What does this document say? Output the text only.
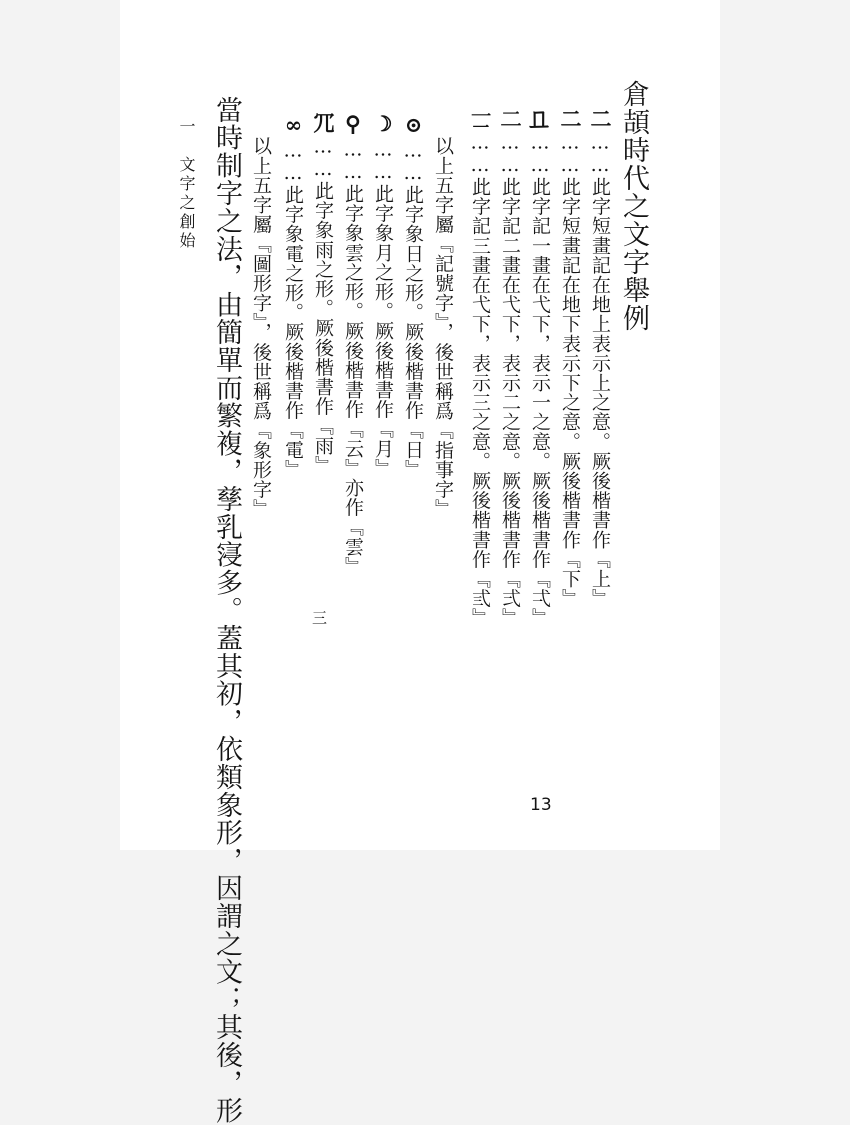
倉頡時代之文字舉例
二……此字短畫記在地上表示上之意。厥後楷書作『上』
⼆……此字短畫記在地下表示下之意。厥後楷書作『下』
𠀃……此字記一畫在弋下，表示一之意。厥後楷書作『弌』
𠄞……此字記二畫在弋下，表示二之意。厥後楷書作『弍』
𠄟……此字記三畫在弋下，表示三之意。厥後楷書作『弎』
以上五字屬『記號字』，後世稱爲『指事字』
⊙……此字象日之形。厥後楷書作『日』
☽……此字象月之形。厥後楷書作『月』
⚲……此字象雲之形。厥後楷書作『云』亦作『雲』
⺴……此字象雨之形。厥後楷書作『雨』
∞……此字象電之形。厥後楷書作『電』
以上五字屬『圖形字』，後世稱爲『象形字』
當時制字之法，由簡單而繁複，孳乳寖多。蓋其初，依類象形，因謂之文；其後，形
一　文字之創始
三
13
